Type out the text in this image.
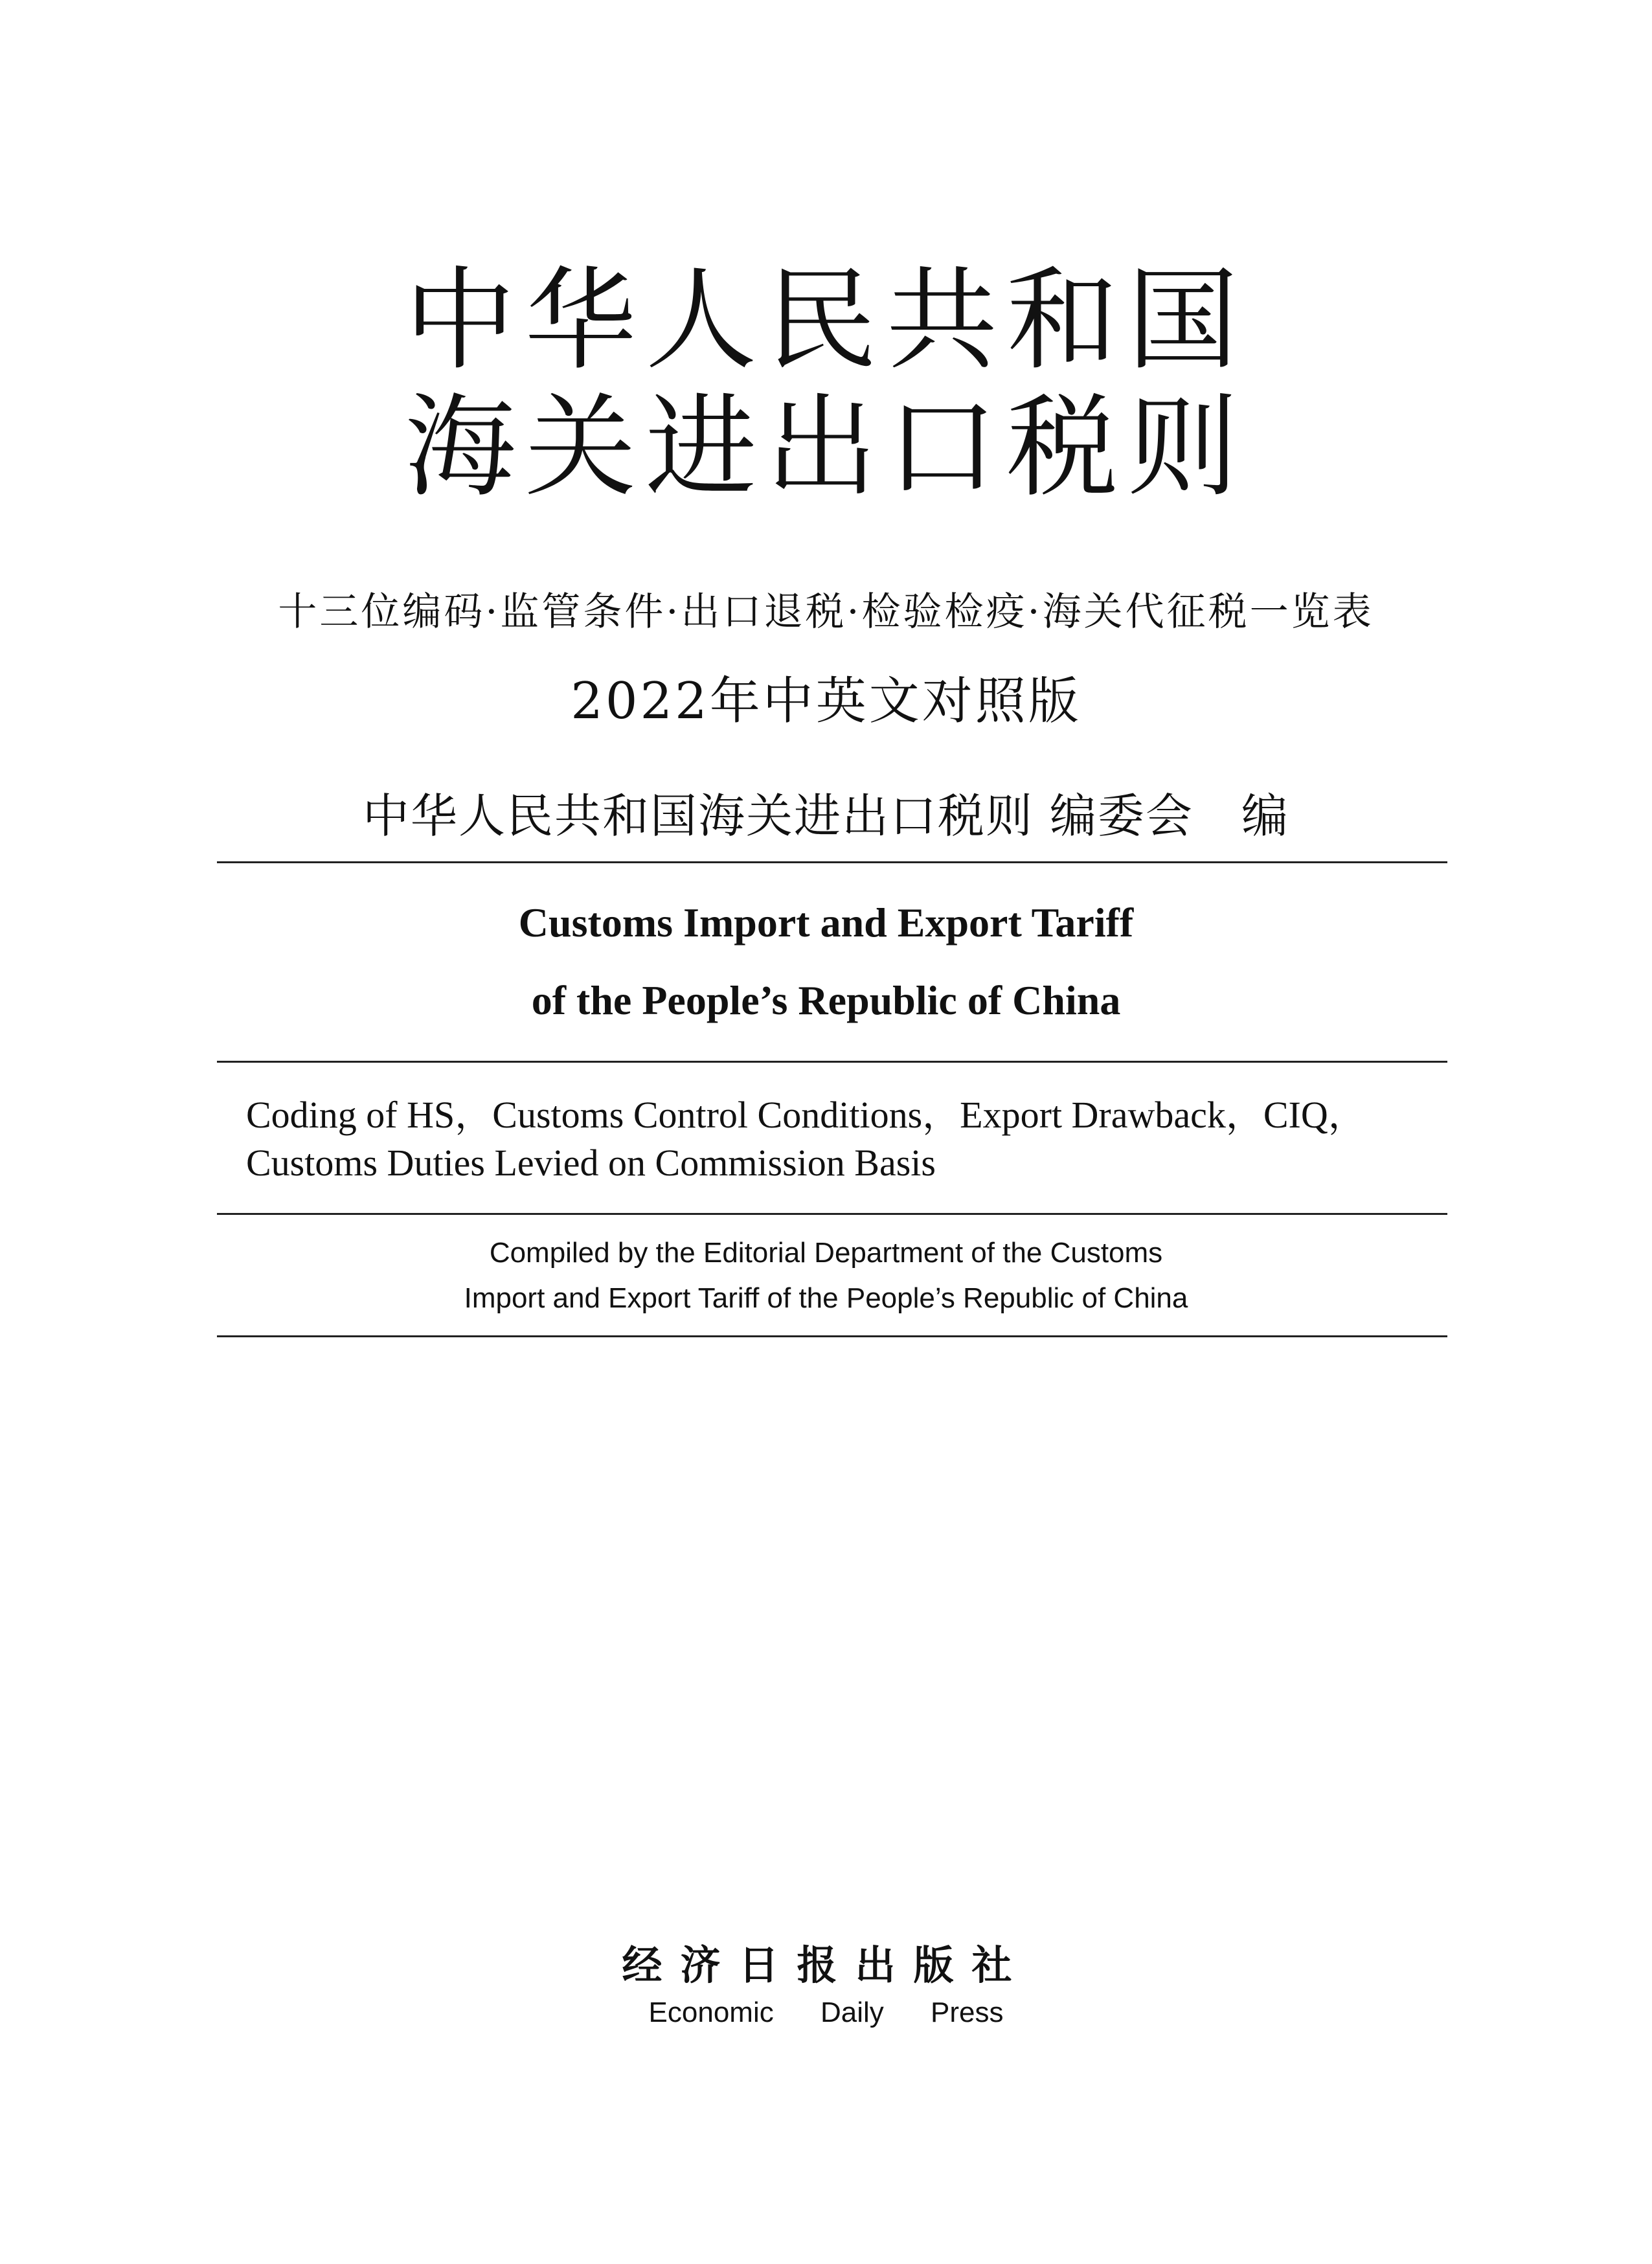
中华人民共和国
海关进出口税则
十三位编码·监管条件·出口退税·检验检疫·海关代征税一览表
2022年中英文对照版
中华人民共和国海关进出口税则 编委会　编
Customs Import and Export Tariff
of the People’s Republic of China
Coding of HS，Customs Control Conditions，Export Drawback，CIQ，
Customs Duties Levied on Commission Basis
Compiled by the Editorial Department of the Customs
Import and Export Tariff of the People’s Republic of China
经济日报出版社
Economic Daily Press
